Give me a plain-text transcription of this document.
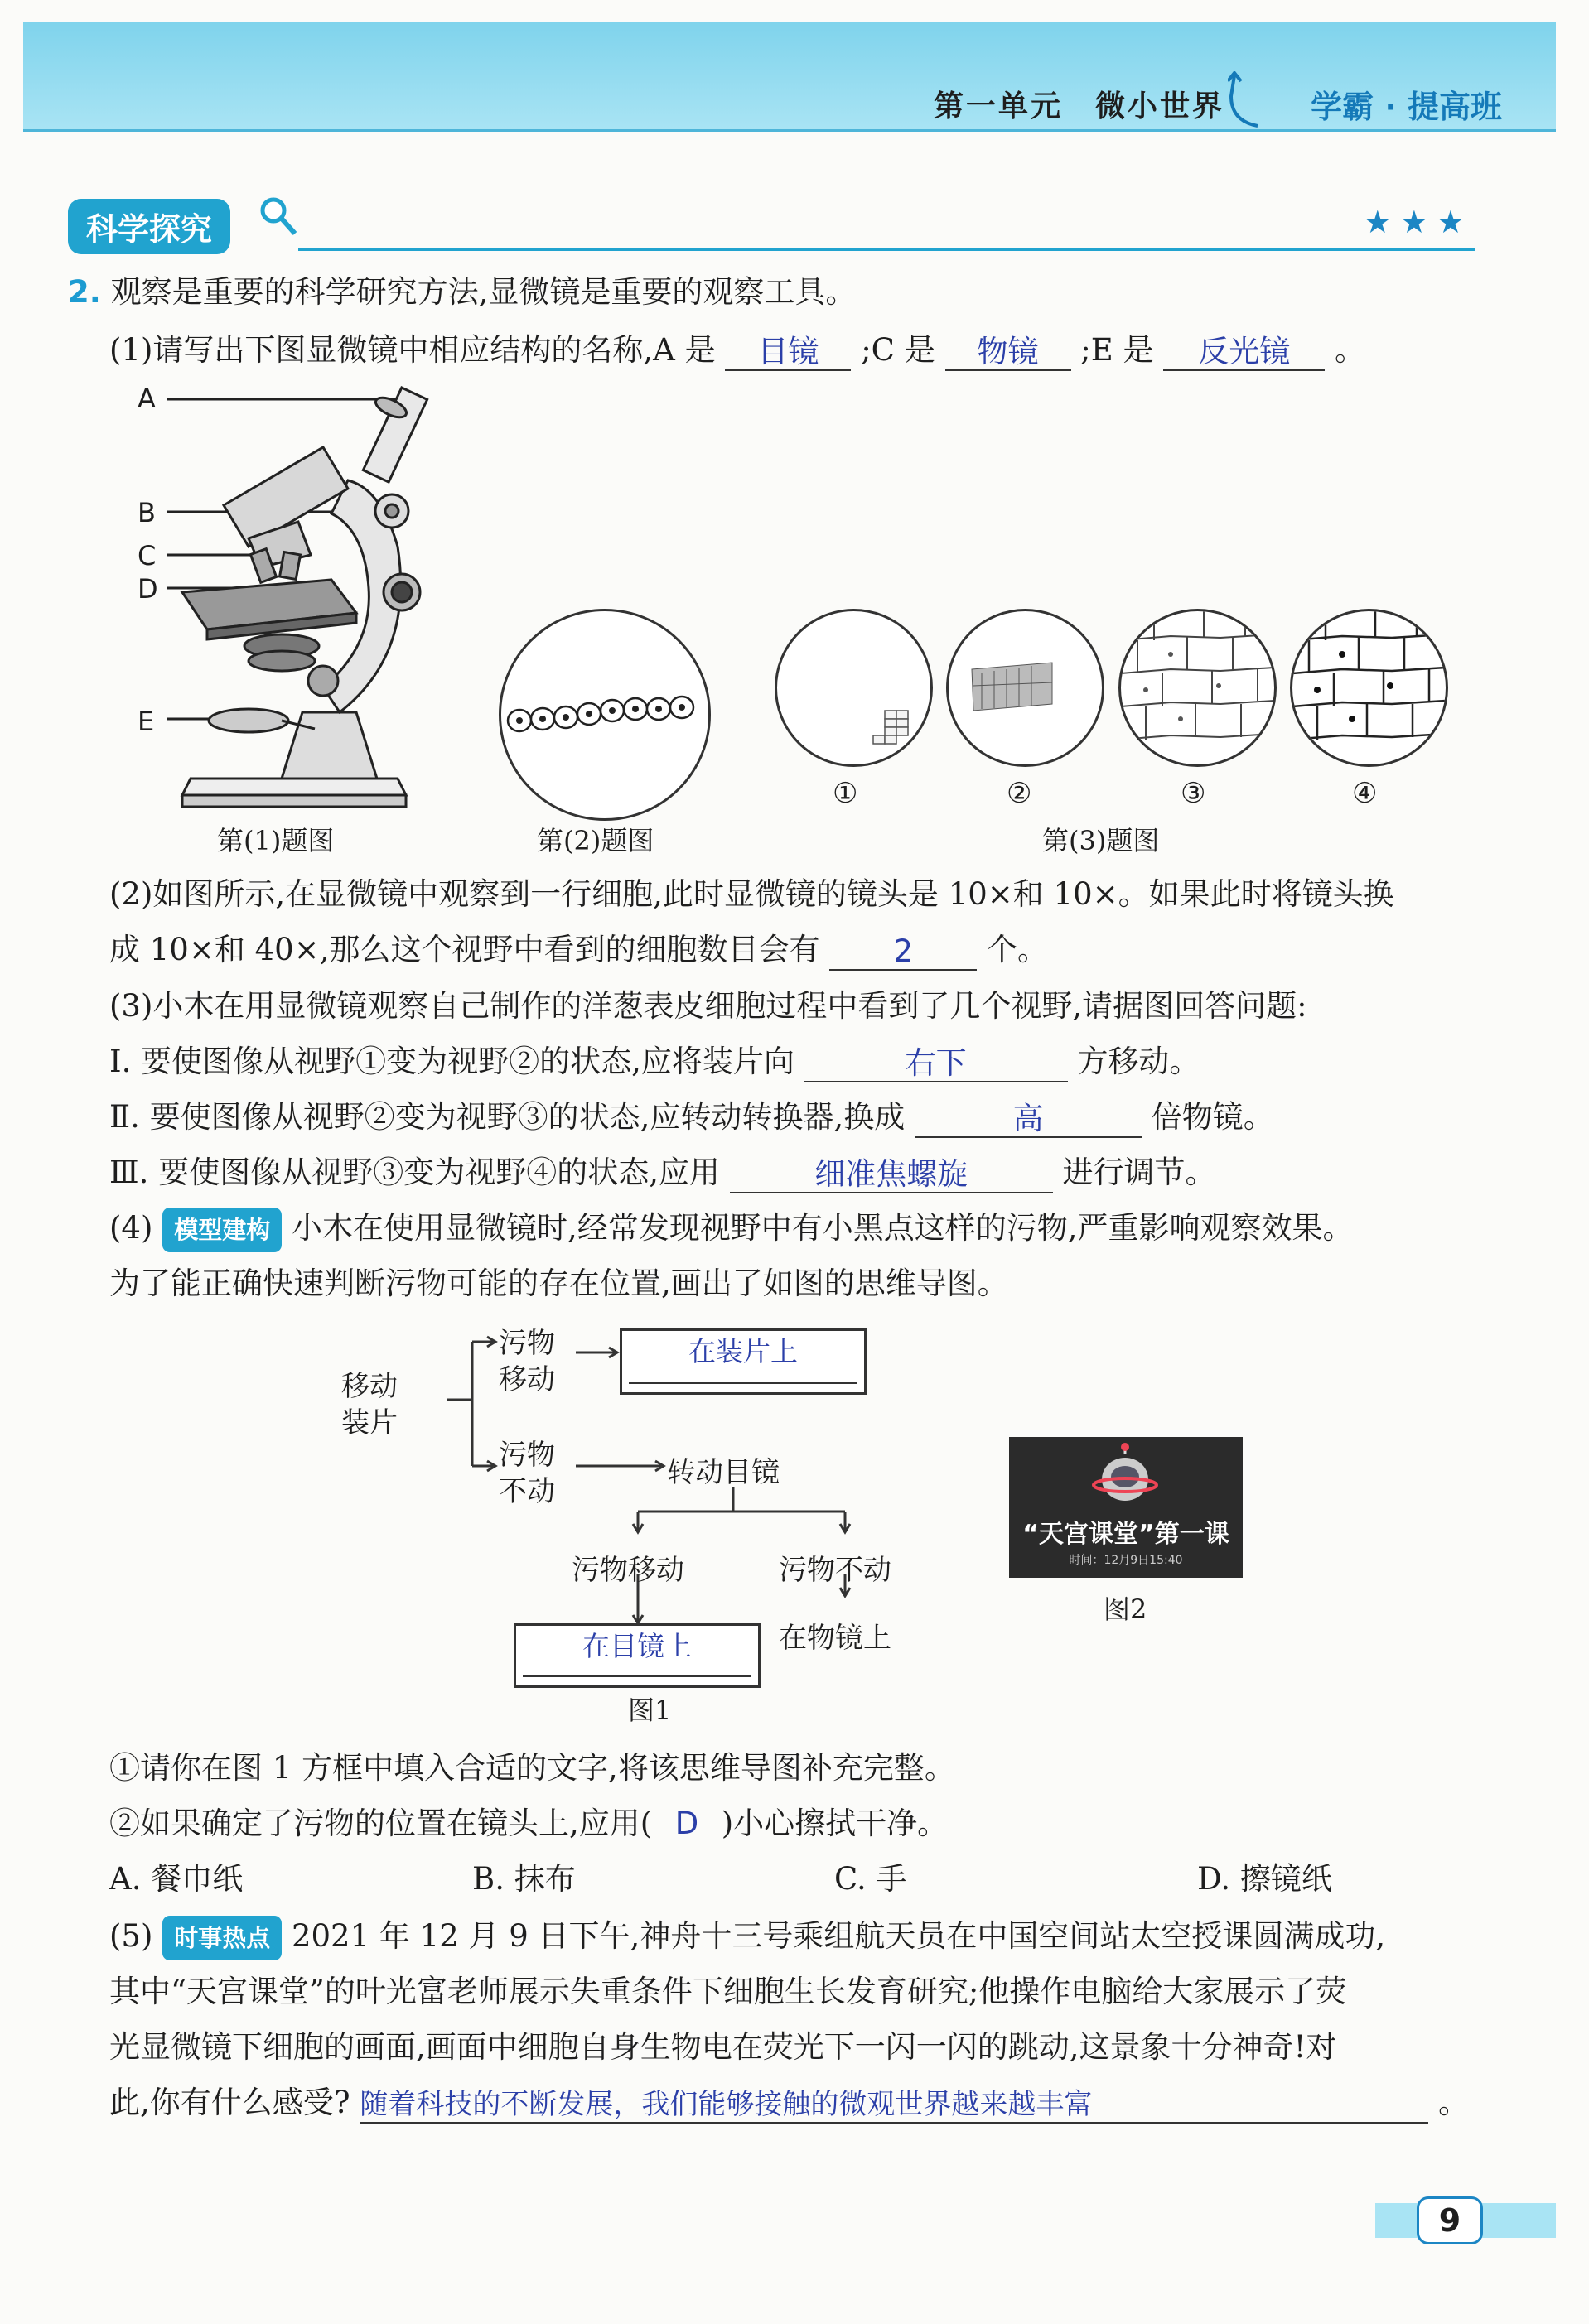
第一单元　微小世界	学霸 · 提高班
科学探究	★★★
2. 观察是重要的科学研究方法,显微镜是重要的观察工具。
(1)请写出下图显微镜中相应结构的名称,A 是 目镜 ;C 是 物镜 ;E 是 反光镜 。
A
B
C
D
E
第(1)题图	第(2)题图
①	②	③	④
第(3)题图
(2)如图所示,在显微镜中观察到一行细胞,此时显微镜的镜头是 10×和 10×。如果此时将镜头换
成 10×和 40×,那么这个视野中看到的细胞数目会有 2 个。
(3)小木在用显微镜观察自己制作的洋葱表皮细胞过程中看到了几个视野,请据图回答问题:
Ⅰ. 要使图像从视野①变为视野②的状态,应将装片向	右下	方移动。
Ⅱ. 要使图像从视野②变为视野③的状态,应转动转换器,换成	高	倍物镜。
Ⅲ. 要使图像从视野③变为视野④的状态,应用	细准焦螺旋	进行调节。
(4) 模型建构 小木在使用显微镜时,经常发现视野中有小黑点这样的污物,严重影响观察效果。
为了能正确快速判断污物可能的存在位置,画出了如图的思维导图。
移动装片
污物移动
在装片上
污物不动
转动目镜
污物移动	污物不动
在目镜上	在物镜上
图1
“天宫课堂”第一课
时间：12月9日15:40
图2
①请你在图 1 方框中填入合适的文字,将该思维导图补充完整。
②如果确定了污物的位置在镜头上,应用( D )小心擦拭干净。
A. 餐巾纸	B. 抹布	C. 手	D. 擦镜纸
(5) 时事热点 2021 年 12 月 9 日下午,神舟十三号乘组航天员在中国空间站太空授课圆满成功,
其中“天宫课堂”的叶光富老师展示失重条件下细胞生长发育研究;他操作电脑给大家展示了荧
光显微镜下细胞的画面,画面中细胞自身生物电在荧光下一闪一闪的跳动,这景象十分神奇!对
此,你有什么感受? 随着科技的不断发展，我们能够接触的微观世界越来越丰富	。
9
